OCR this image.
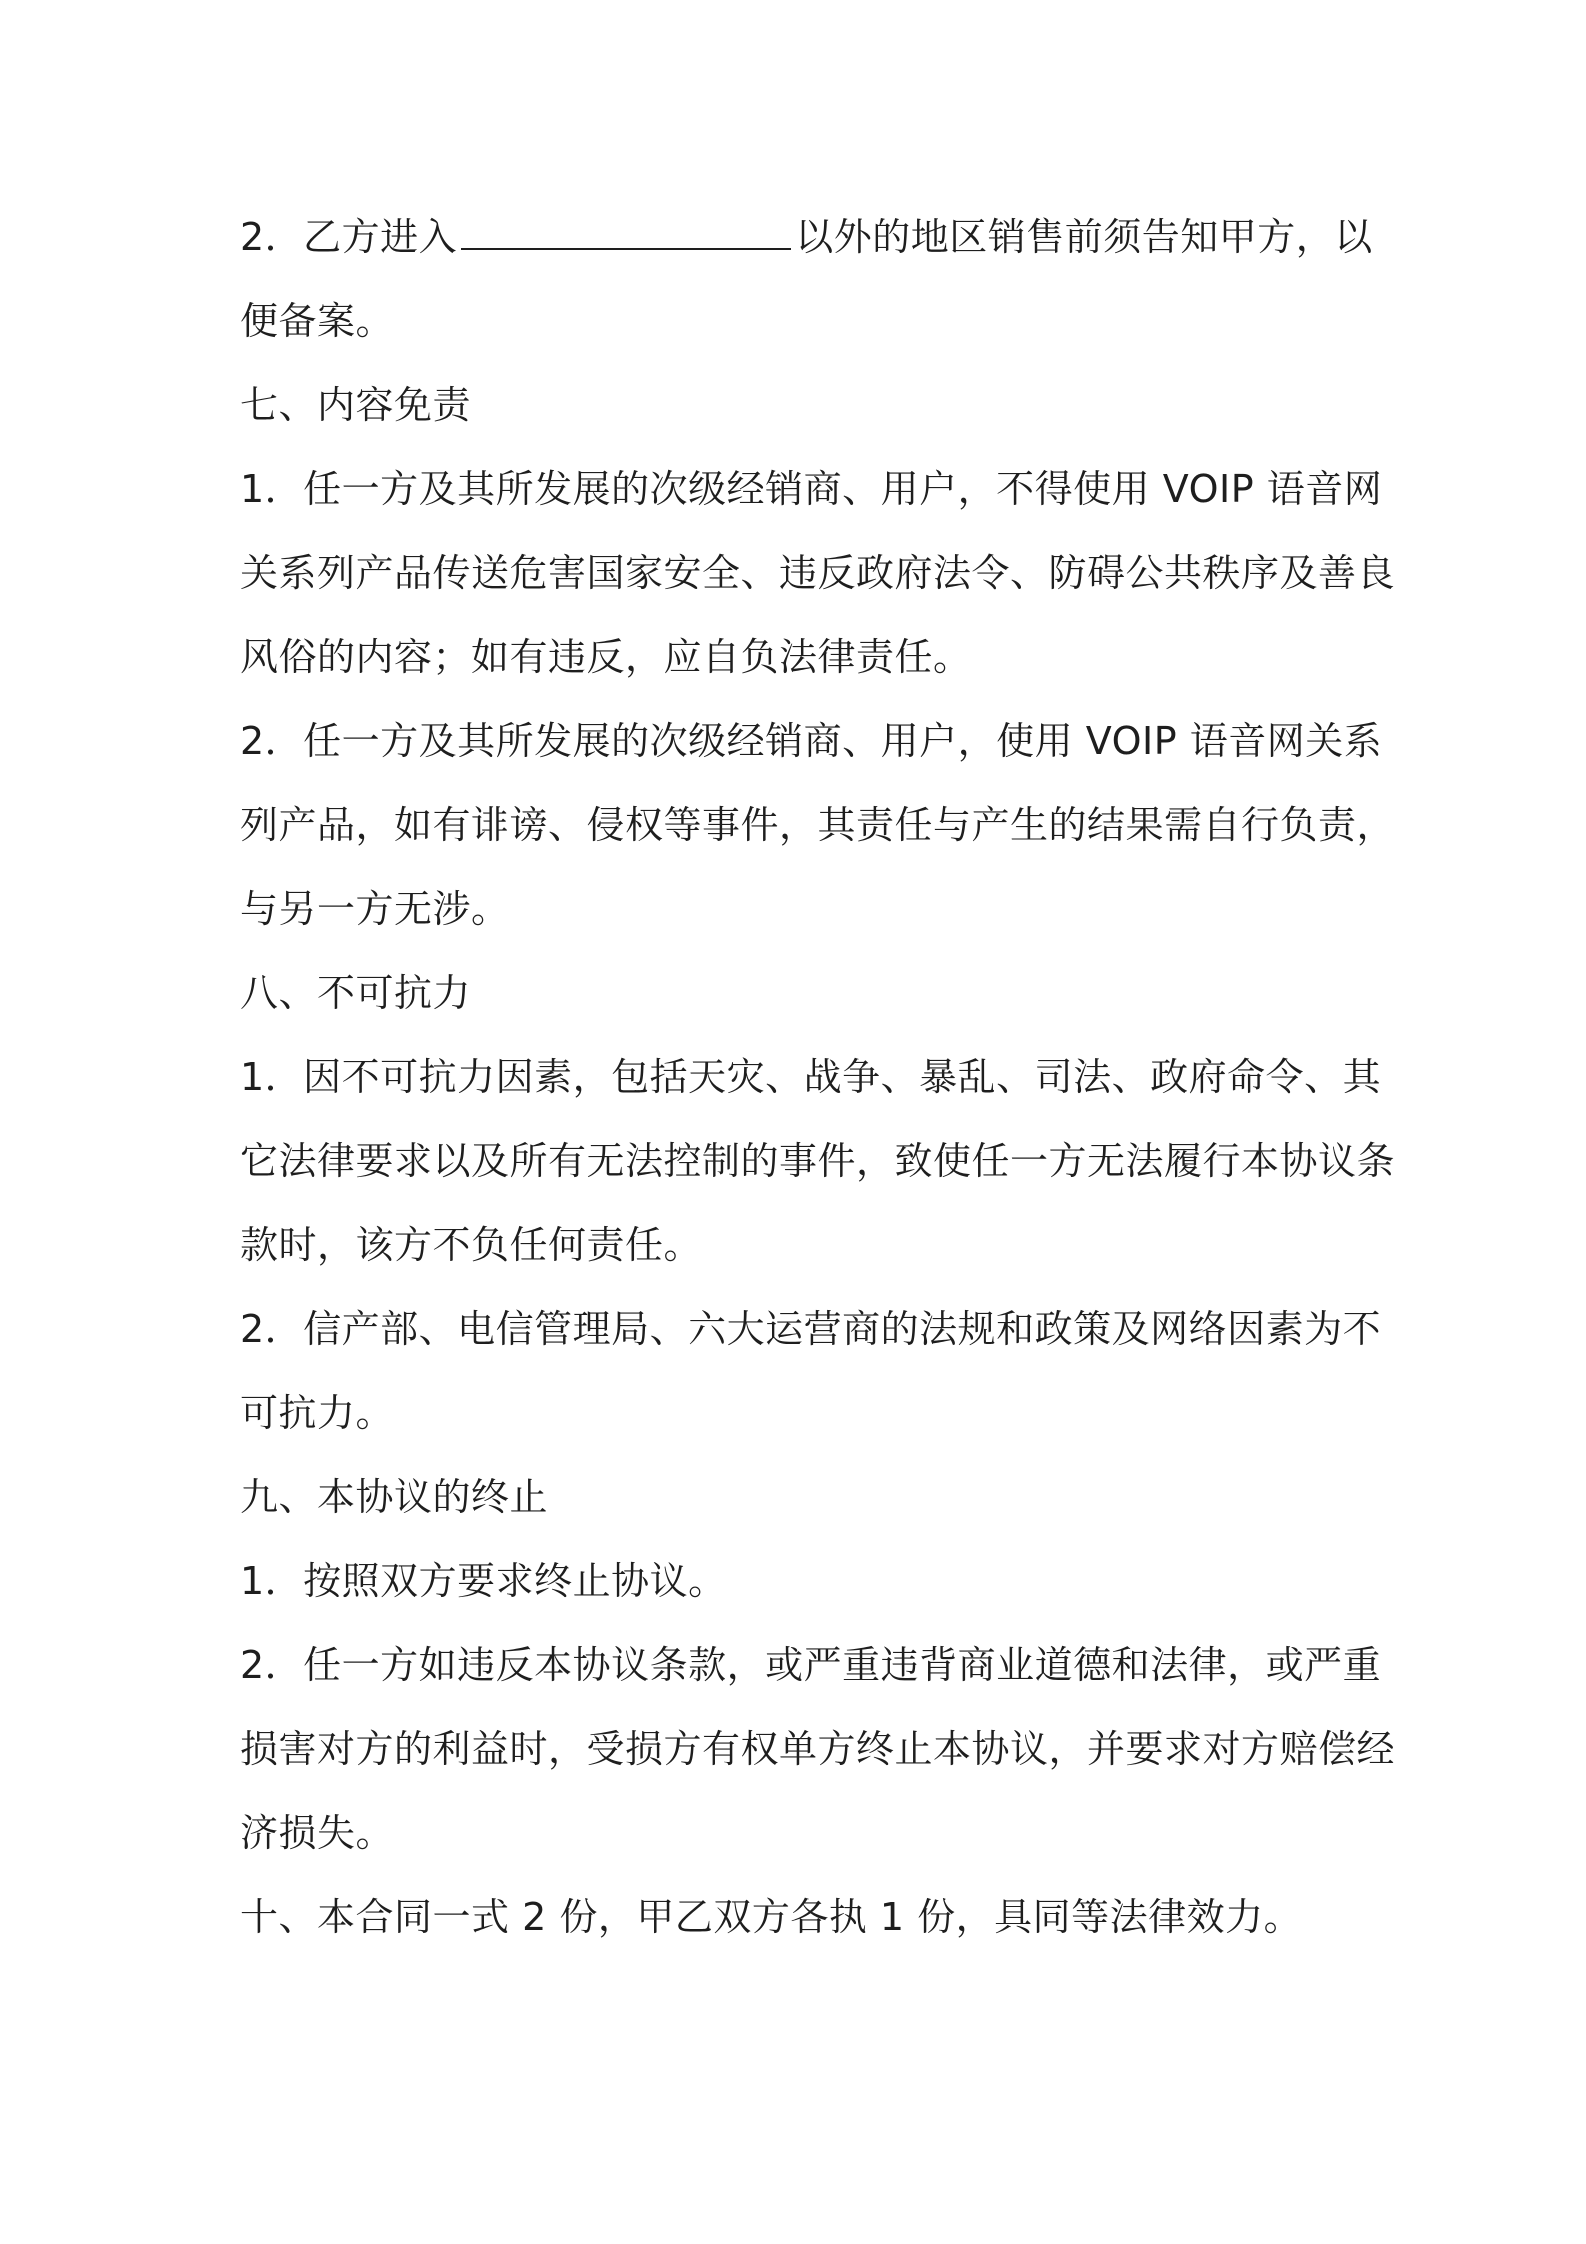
2．乙方进入	以外的地区销售前须告知甲方，以
便备案。
七、内容免责
1．任一方及其所发展的次级经销商、用户，不得使用 VOIP 语音网
关系列产品传送危害国家安全、违反政府法令、防碍公共秩序及善良
风俗的内容；如有违反，应自负法律责任。
2．任一方及其所发展的次级经销商、用户，使用 VOIP 语音网关系
列产品，如有诽谤、侵权等事件，其责任与产生的结果需自行负责，
与另一方无涉。
八、不可抗力
1．因不可抗力因素，包括天灾、战争、暴乱、司法、政府命令、其
它法律要求以及所有无法控制的事件，致使任一方无法履行本协议条
款时，该方不负任何责任。
2．信产部、电信管理局、六大运营商的法规和政策及网络因素为不
可抗力。
九、本协议的终止
1．按照双方要求终止协议。
2．任一方如违反本协议条款，或严重违背商业道德和法律，或严重
损害对方的利益时，受损方有权单方终止本协议，并要求对方赔偿经
济损失。
十、本合同一式 2 份，甲乙双方各执 1 份，具同等法律效力。
